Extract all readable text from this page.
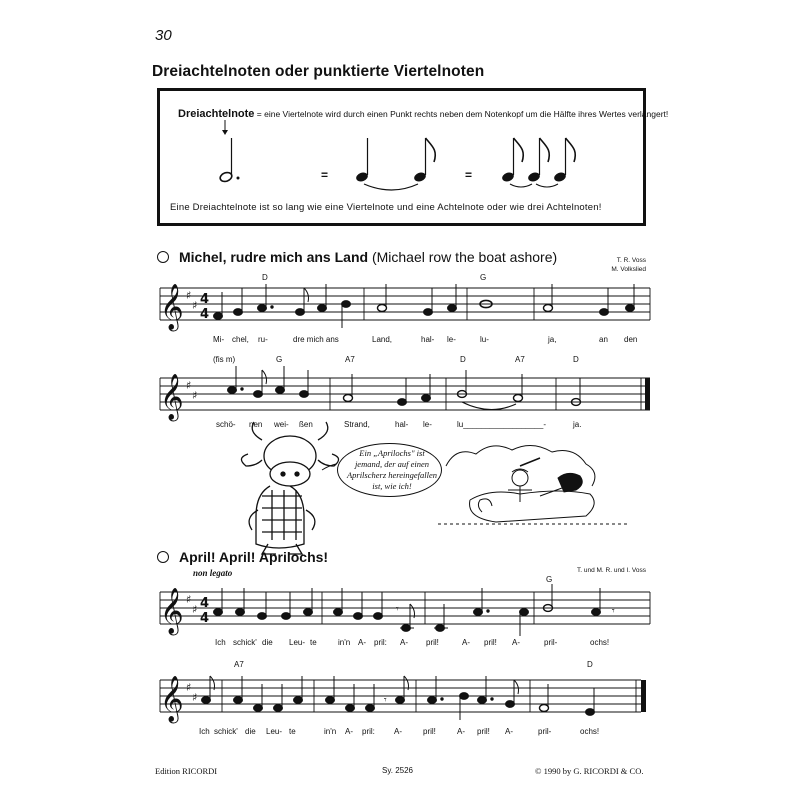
30
Dreiachtelnoten oder punktierte Viertelnoten
Dreiachtelnote = eine Viertelnote wird durch einen Punkt rechts neben dem Notenkopf um die Hälfte ihres Wertes verlängert!
=	=
Eine Dreiachtelnote ist so lang wie eine Viertelnote und eine Achtelnote oder wie drei Achtelnoten!
Michel, rudre mich ans Land (Michael row the boat ashore)	T. R. Voss
M. Volkslied
𝄞 ♯
♯ 4
4
D	G
Mi- chel, ru-	dre mich ans	Land,	hal- le-	lu-	ja,	an den
𝄞 ♯
♯
(fis m)	G	A7	D	A7	D
schö- nen wei- ßen	Strand,	hal- le-	lu__________________-	ja.
Ein „Aprilochs" ist jemand, der auf einen Aprilscherz hereingefallen ist, wie ich!
April! April! Aprilochs!
T. und M. R. und I. Voss
non legato
𝄞 ♯
♯ 4
4
𝄾	𝄾
G
Ich schick' die Leu- te	in'n A- pril: A- pril!	A- pril! A-	pril-	ochs!
𝄞 ♯
♯	𝄾
A7	D
Ich schick' die Leu- te	in'n A- pril: A-	pril!	A- pril! A-	pril-	ochs!
Edition RICORDI	Sy. 2526	© 1990 by G. RICORDI & CO.
